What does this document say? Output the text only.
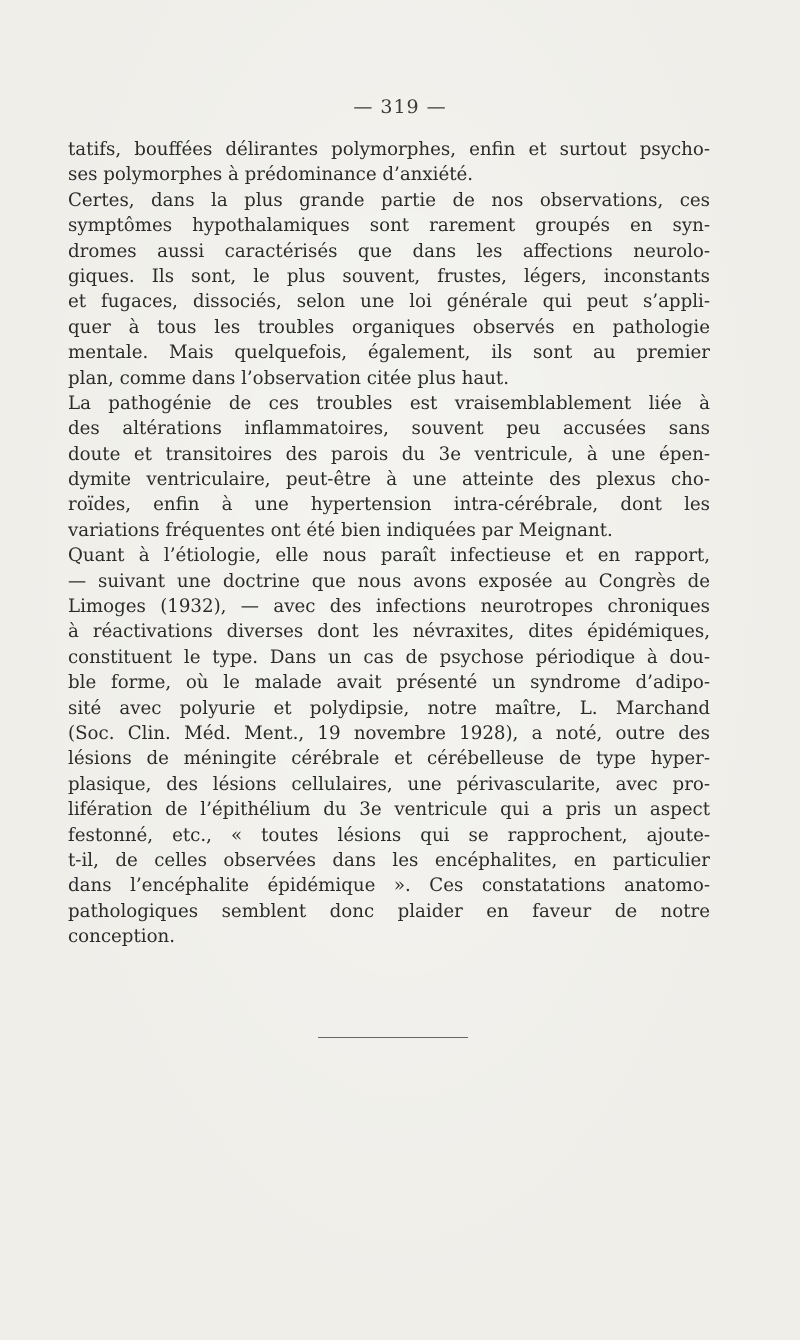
— 319 —
tatifs, bouffées délirantes polymorphes, enfin et surtout psycho-
ses polymorphes à prédominance d’anxiété.
Certes, dans la plus grande partie de nos observations, ces
symptômes hypothalamiques sont rarement groupés en syn-
dromes aussi caractérisés que dans les affections neurolo-
giques. Ils sont, le plus souvent, frustes, légers, inconstants
et fugaces, dissociés, selon une loi générale qui peut s’appli-
quer à tous les troubles organiques observés en pathologie
mentale. Mais quelquefois, également, ils sont au premier
plan, comme dans l’observation citée plus haut.
La pathogénie de ces troubles est vraisemblablement liée à
des altérations inflammatoires, souvent peu accusées sans
doute et transitoires des parois du 3e ventricule, à une épen-
dymite ventriculaire, peut-être à une atteinte des plexus cho-
roïdes, enfin à une hypertension intra-cérébrale, dont les
variations fréquentes ont été bien indiquées par Meignant.
Quant à l’étiologie, elle nous paraît infectieuse et en rapport,
— suivant une doctrine que nous avons exposée au Congrès de
Limoges (1932), — avec des infections neurotropes chroniques
à réactivations diverses dont les névraxites, dites épidémiques,
constituent le type. Dans un cas de psychose périodique à dou-
ble forme, où le malade avait présenté un syndrome d’adipo-
sité avec polyurie et polydipsie, notre maître, L. Marchand
(Soc. Clin. Méd. Ment., 19 novembre 1928), a noté, outre des
lésions de méningite cérébrale et cérébelleuse de type hyper-
plasique, des lésions cellulaires, une périvascularite, avec pro-
lifération de l’épithélium du 3e ventricule qui a pris un aspect
festonné, etc., « toutes lésions qui se rapprochent, ajoute-
t-il, de celles observées dans les encéphalites, en particulier
dans l’encéphalite épidémique ». Ces constatations anatomo-
pathologiques semblent donc plaider en faveur de notre
conception.
